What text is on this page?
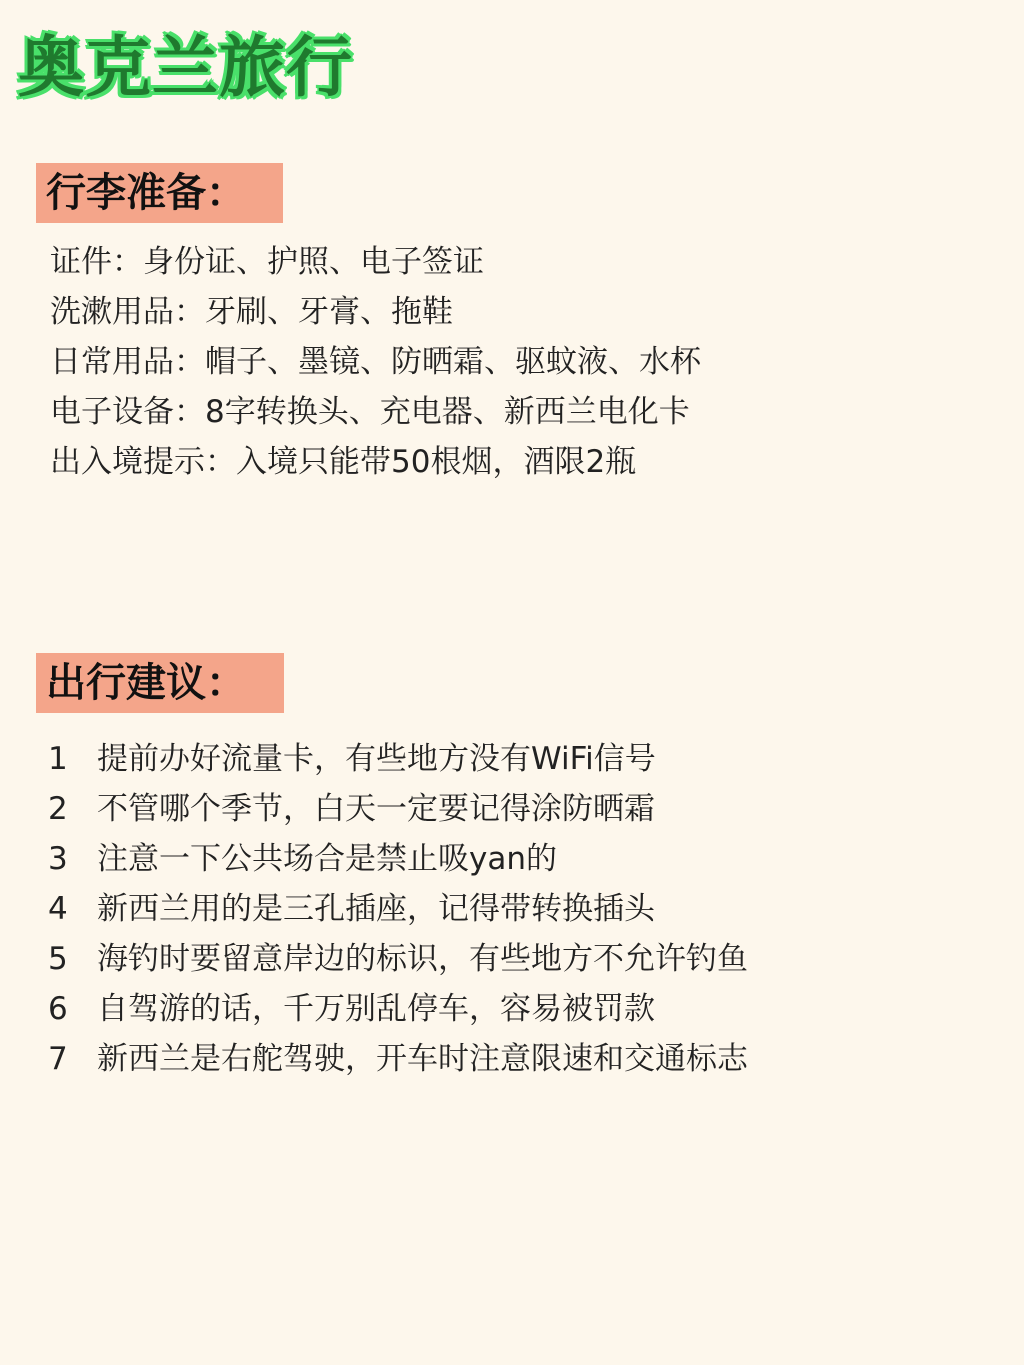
奥克兰旅行
行李准备：
证件：身份证、护照、电子签证
洗漱用品：牙刷、牙膏、拖鞋
日常用品：帽子、墨镜、防晒霜、驱蚊液、水杯
电子设备：8字转换头、充电器、新西兰电化卡
出入境提示：入境只能带50根烟，酒限2瓶
出行建议：
1 提前办好流量卡，有些地方没有WiFi信号
2 不管哪个季节，白天一定要记得涂防晒霜
3 注意一下公共场合是禁止吸yan的
4 新西兰用的是三孔插座，记得带转换插头
5 海钓时要留意岸边的标识，有些地方不允许钓鱼
6 自驾游的话，千万别乱停车，容易被罚款
7 新西兰是右舵驾驶，开车时注意限速和交通标志
